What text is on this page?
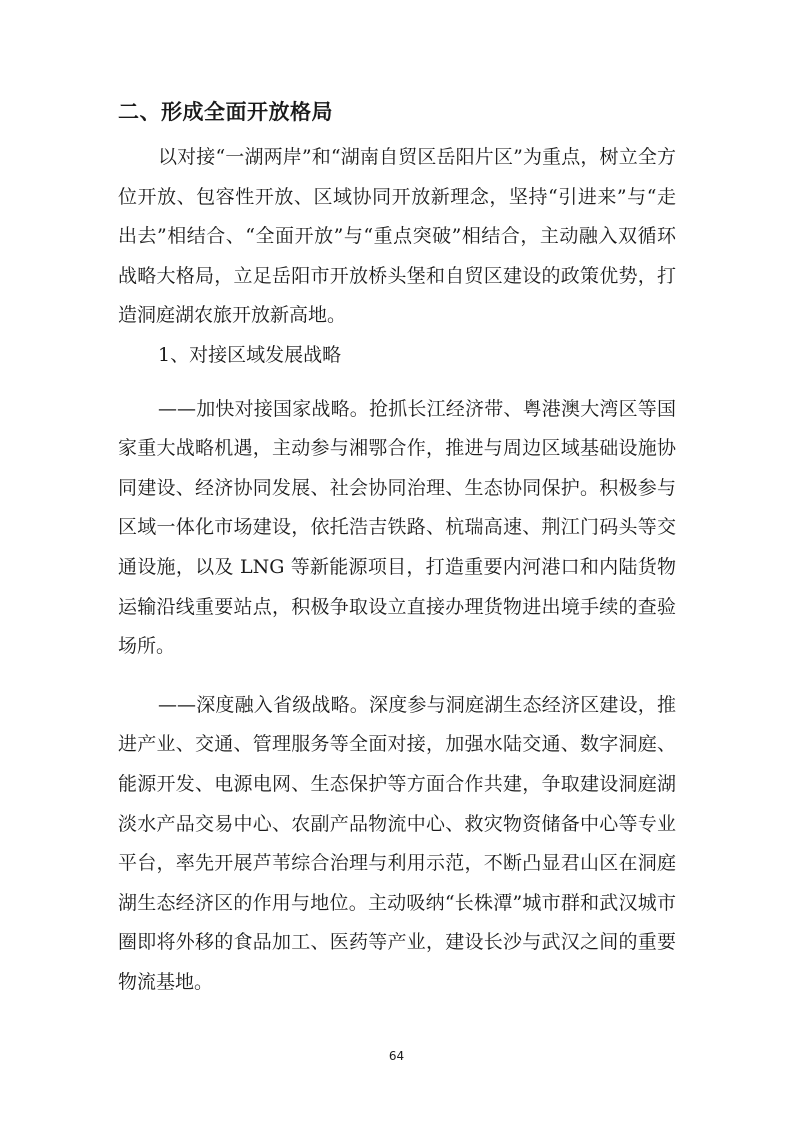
二、形成全面开放格局

以对接“一湖两岸”和“湖南自贸区岳阳片区”为重点，树立全方位开放、包容性开放、区域协同开放新理念，坚持“引进来”与“走出去”相结合、“全面开放”与“重点突破”相结合，主动融入双循环战略大格局，立足岳阳市开放桥头堡和自贸区建设的政策优势，打造洞庭湖农旅开放新高地。

1、对接区域发展战略

——加快对接国家战略。抢抓长江经济带、粤港澳大湾区等国家重大战略机遇，主动参与湘鄂合作，推进与周边区域基础设施协同建设、经济协同发展、社会协同治理、生态协同保护。积极参与区域一体化市场建设，依托浩吉铁路、杭瑞高速、荆江门码头等交通设施，以及 LNG 等新能源项目，打造重要内河港口和内陆货物运输沿线重要站点，积极争取设立直接办理货物进出境手续的查验场所。

——深度融入省级战略。深度参与洞庭湖生态经济区建设，推进产业、交通、管理服务等全面对接，加强水陆交通、数字洞庭、能源开发、电源电网、生态保护等方面合作共建，争取建设洞庭湖淡水产品交易中心、农副产品物流中心、救灾物资储备中心等专业平台，率先开展芦苇综合治理与利用示范，不断凸显君山区在洞庭湖生态经济区的作用与地位。主动吸纳“长株潭”城市群和武汉城市圈即将外移的食品加工、医药等产业，建设长沙与武汉之间的重要物流基地。

64
